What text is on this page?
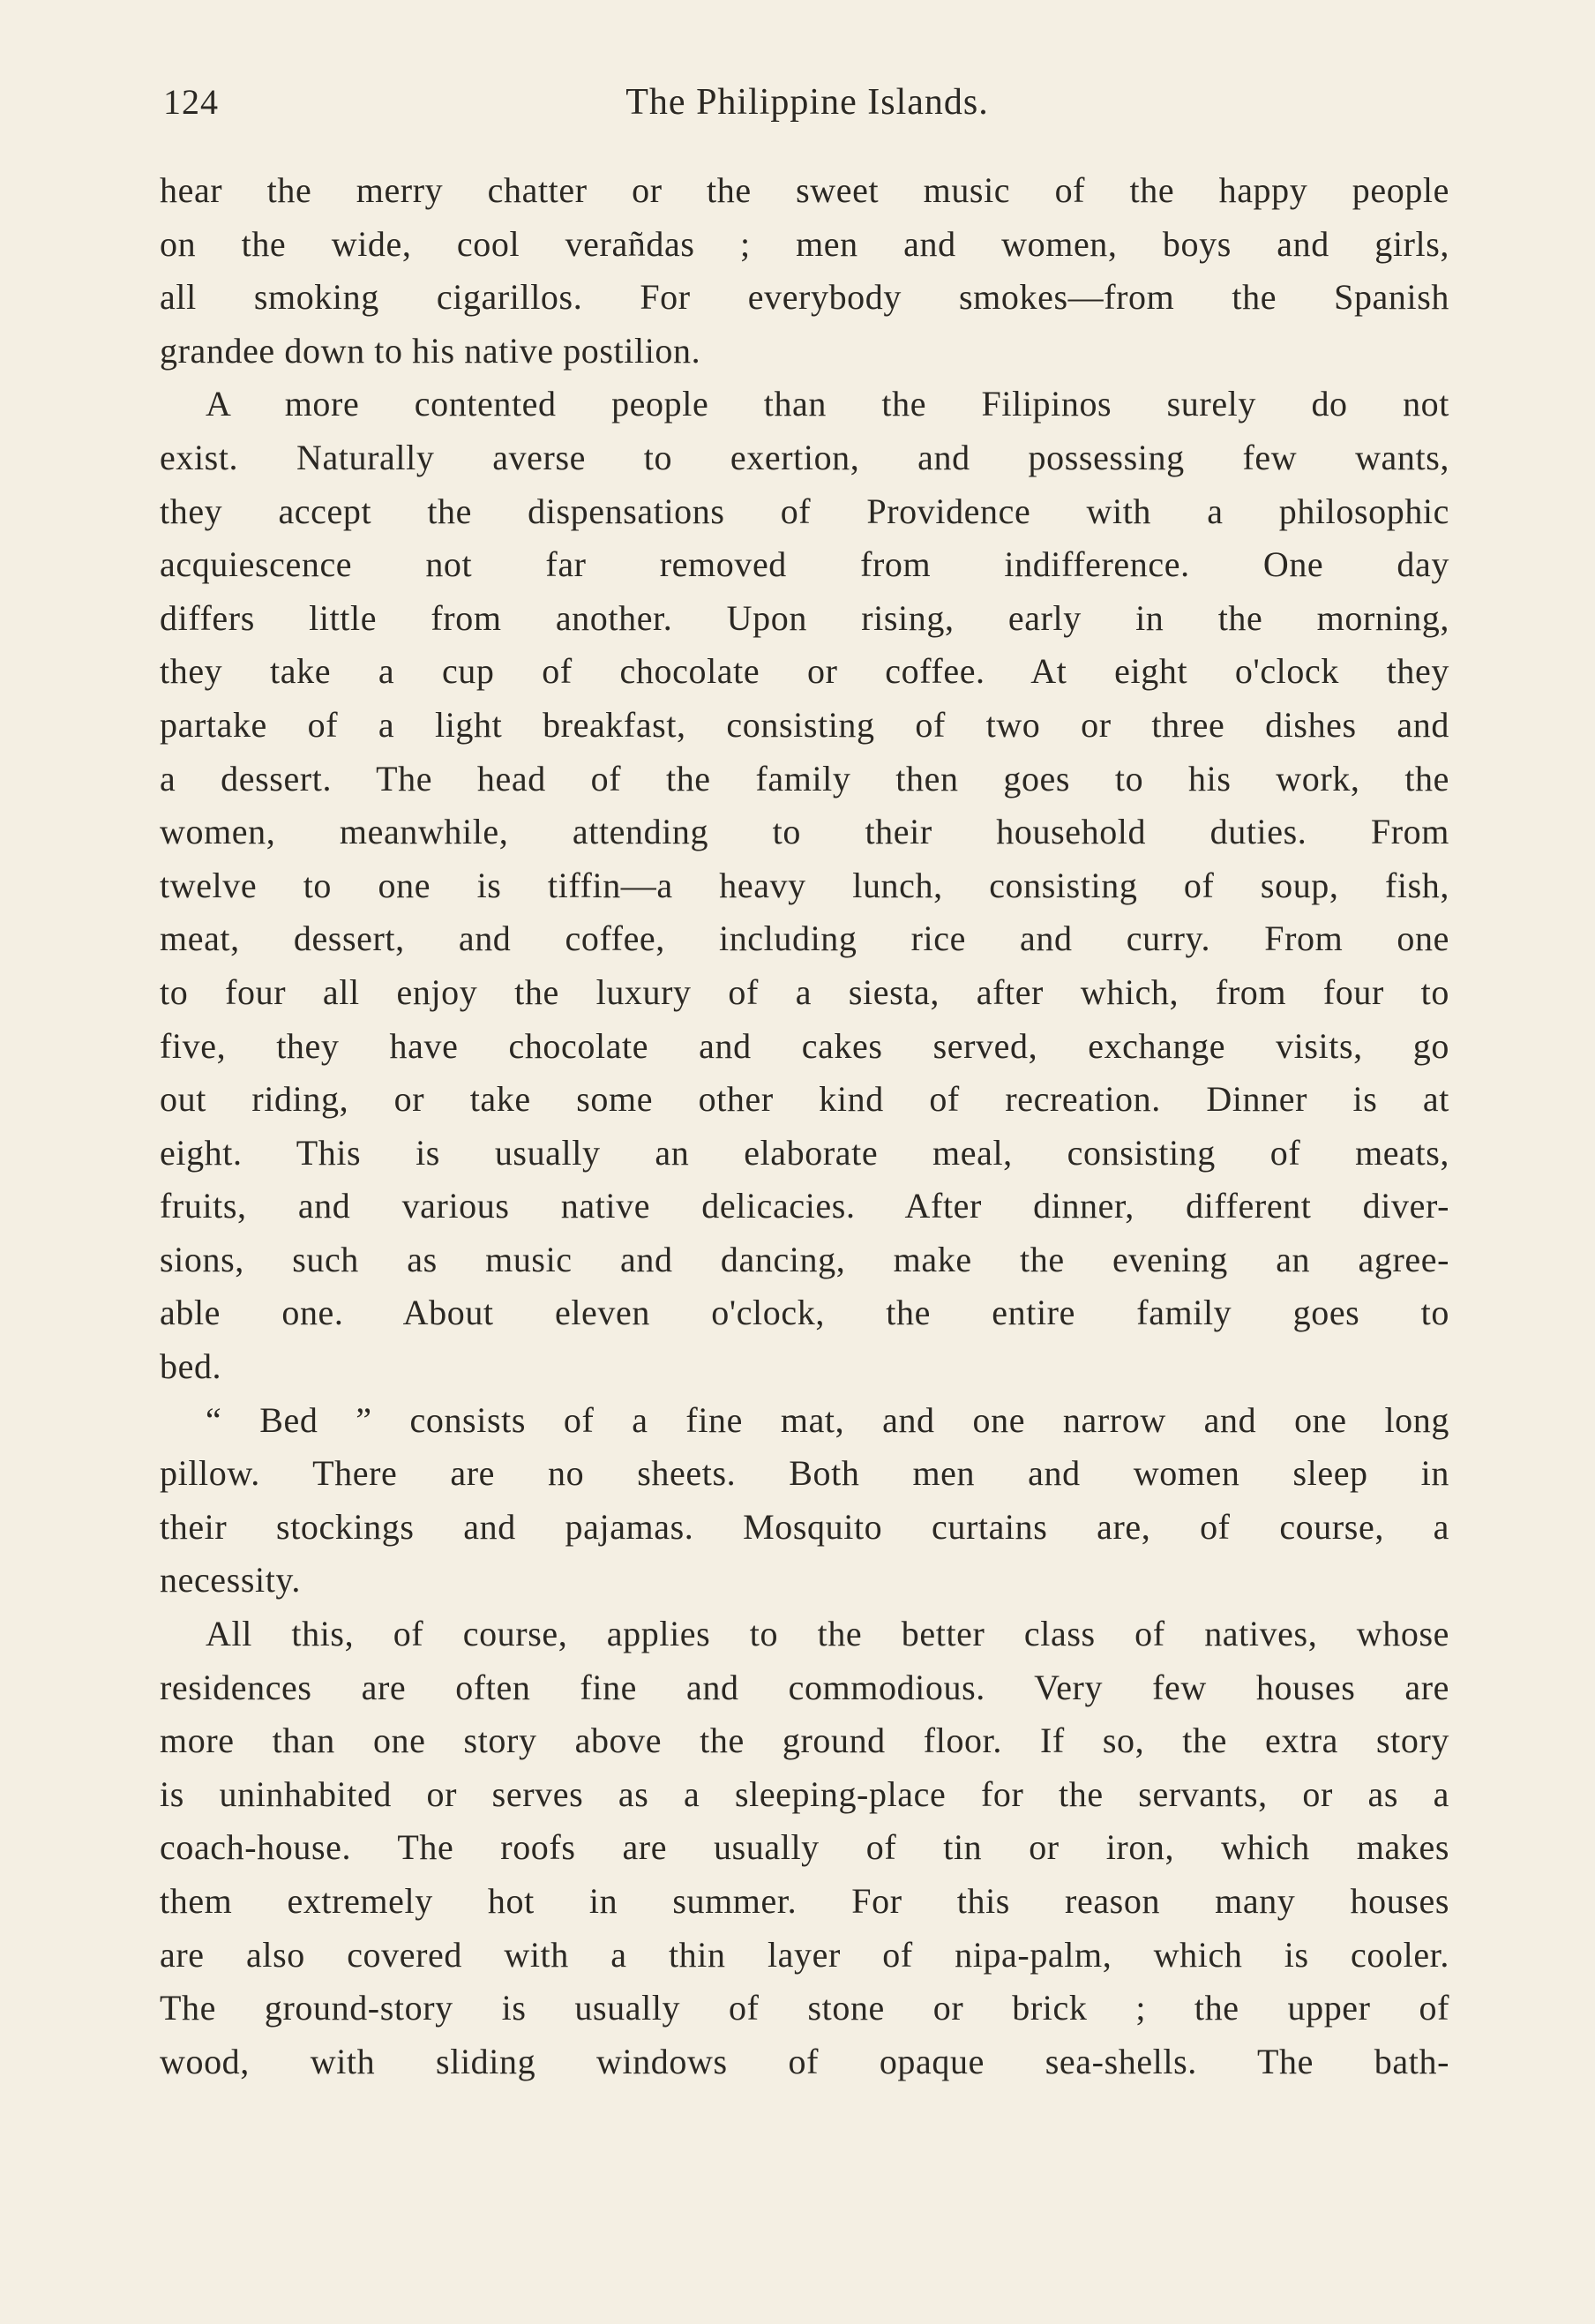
124	The Philippine Islands.
hear the merry chatter or the sweet music of the happy people
on the wide, cool verañdas ; men and women, boys and girls,
all smoking cigarillos. For everybody smokes—from the Spanish
grandee down to his native postilion.
A more contented people than the Filipinos surely do not
exist. Naturally averse to exertion, and possessing few wants,
they accept the dispensations of Providence with a philosophic
acquiescence not far removed from indifference. One day
differs little from another. Upon rising, early in the morning,
they take a cup of chocolate or coffee. At eight o'clock they
partake of a light breakfast, consisting of two or three dishes and
a dessert. The head of the family then goes to his work, the
women, meanwhile, attending to their household duties. From
twelve to one is tiffin—a heavy lunch, consisting of soup, fish,
meat, dessert, and coffee, including rice and curry. From one
to four all enjoy the luxury of a siesta, after which, from four to
five, they have chocolate and cakes served, exchange visits, go
out riding, or take some other kind of recreation. Dinner is at
eight. This is usually an elaborate meal, consisting of meats,
fruits, and various native delicacies. After dinner, different diver-
sions, such as music and dancing, make the evening an agree-
able one. About eleven o'clock, the entire family goes to
bed.
“ Bed ” consists of a fine mat, and one narrow and one long
pillow. There are no sheets. Both men and women sleep in
their stockings and pajamas. Mosquito curtains are, of course, a
necessity.
All this, of course, applies to the better class of natives, whose
residences are often fine and commodious. Very few houses are
more than one story above the ground floor. If so, the extra story
is uninhabited or serves as a sleeping-place for the servants, or as a
coach-house. The roofs are usually of tin or iron, which makes
them extremely hot in summer. For this reason many houses
are also covered with a thin layer of nipa-palm, which is cooler.
The ground-story is usually of stone or brick ; the upper of
wood, with sliding windows of opaque sea-shells. The bath-
